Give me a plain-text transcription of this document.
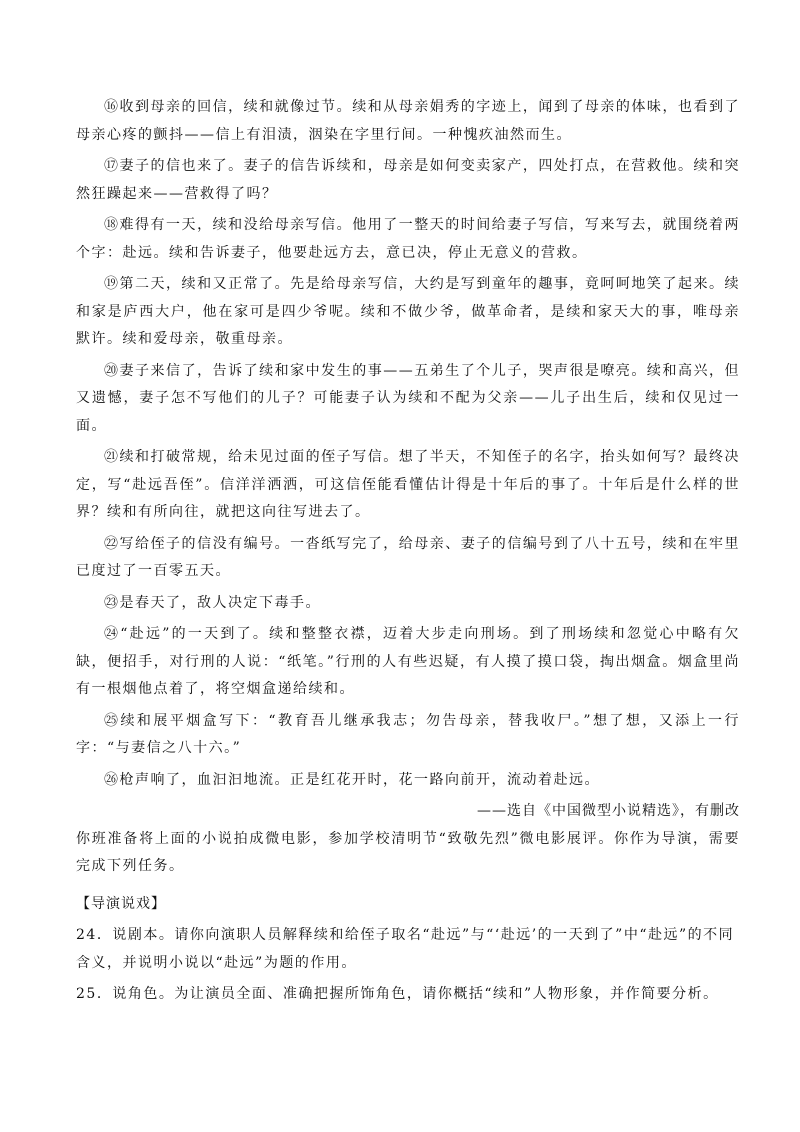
⑯收到母亲的回信，续和就像过节。续和从母亲娟秀的字迹上，闻到了母亲的体味，也看到了母亲心疼的颤抖——信上有泪渍，洇染在字里行间。一种愧疚油然而生。

⑰妻子的信也来了。妻子的信告诉续和，母亲是如何变卖家产，四处打点，在营救他。续和突然狂躁起来——营救得了吗？

⑱难得有一天，续和没给母亲写信。他用了一整天的时间给妻子写信，写来写去，就围绕着两个字：赴远。续和告诉妻子，他要赴远方去，意已决，停止无意义的营救。

⑲第二天，续和又正常了。先是给母亲写信，大约是写到童年的趣事，竟呵呵地笑了起来。续和家是庐西大户，他在家可是四少爷呢。续和不做少爷，做革命者，是续和家天大的事，唯母亲默许。续和爱母亲，敬重母亲。

⑳妻子来信了，告诉了续和家中发生的事——五弟生了个儿子，哭声很是嘹亮。续和高兴，但又遗憾，妻子怎不写他们的儿子？可能妻子认为续和不配为父亲——儿子出生后，续和仅见过一面。

㉑续和打破常规，给未见过面的侄子写信。想了半天，不知侄子的名字，抬头如何写？最终决定，写“赴远吾侄”。信洋洋洒洒，可这信侄能看懂估计得是十年后的事了。十年后是什么样的世界？续和有所向往，就把这向往写进去了。

㉒写给侄子的信没有编号。一沓纸写完了，给母亲、妻子的信编号到了八十五号，续和在牢里已度过了一百零五天。

㉓是春天了，敌人决定下毒手。

㉔“赴远”的一天到了。续和整整衣襟，迈着大步走向刑场。到了刑场续和忽觉心中略有欠缺，便招手，对行刑的人说：“纸笔。”行刑的人有些迟疑，有人摸了摸口袋，掏出烟盒。烟盒里尚有一根烟他点着了，将空烟盒递给续和。

㉕续和展平烟盒写下：“教育吾儿继承我志；勿告母亲，替我收尸。”想了想，又添上一行字：“与妻信之八十六。”

㉖枪声响了，血汩汩地流。正是红花开时，花一路向前开，流动着赴远。

——选自《中国微型小说精选》，有删改

你班准备将上面的小说拍成微电影，参加学校清明节“致敬先烈”微电影展评。你作为导演，需要完成下列任务。

【导演说戏】

24．说剧本。请你向演职人员解释续和给侄子取名“赴远”与“‘赴远’的一天到了”中“赴远”的不同含义，并说明小说以“赴远”为题的作用。

25．说角色。为让演员全面、准确把握所饰角色，请你概括“续和”人物形象，并作简要分析。
